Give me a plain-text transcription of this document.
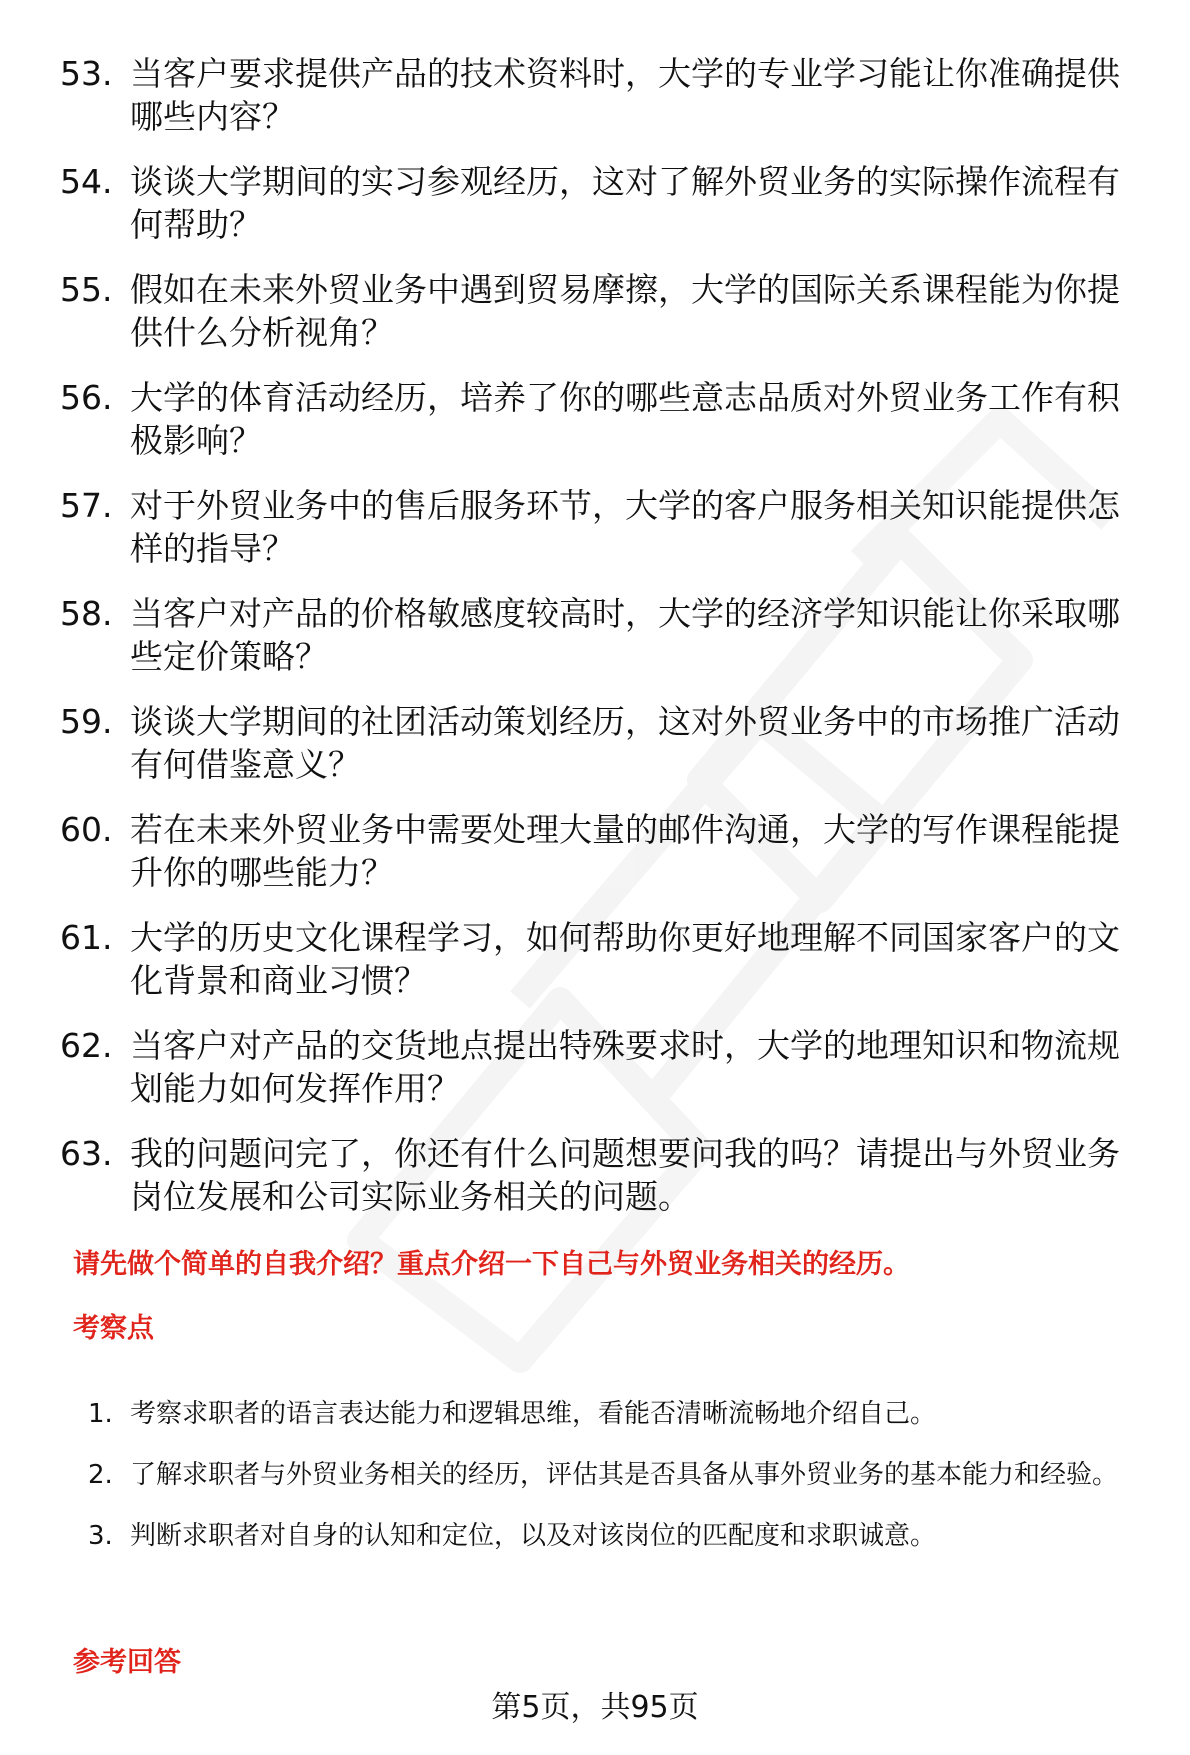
53. 当客户要求提供产品的技术资料时，大学的专业学习能让你准确提供哪些内容？
54. 谈谈大学期间的实习参观经历，这对了解外贸业务的实际操作流程有何帮助？
55. 假如在未来外贸业务中遇到贸易摩擦，大学的国际关系课程能为你提供什么分析视角？
56. 大学的体育活动经历，培养了你的哪些意志品质对外贸业务工作有积极影响？
57. 对于外贸业务中的售后服务环节，大学的客户服务相关知识能提供怎样的指导？
58. 当客户对产品的价格敏感度较高时，大学的经济学知识能让你采取哪些定价策略？
59. 谈谈大学期间的社团活动策划经历，这对外贸业务中的市场推广活动有何借鉴意义？
60. 若在未来外贸业务中需要处理大量的邮件沟通，大学的写作课程能提升你的哪些能力？
61. 大学的历史文化课程学习，如何帮助你更好地理解不同国家客户的文化背景和商业习惯？
62. 当客户对产品的交货地点提出特殊要求时，大学的地理知识和物流规划能力如何发挥作用？
63. 我的问题问完了，你还有什么问题想要问我的吗？请提出与外贸业务岗位发展和公司实际业务相关的问题。
请先做个简单的自我介绍？重点介绍一下自己与外贸业务相关的经历。
考察点
1. 考察求职者的语言表达能力和逻辑思维，看能否清晰流畅地介绍自己。
2. 了解求职者与外贸业务相关的经历，评估其是否具备从事外贸业务的基本能力和经验。
3. 判断求职者对自身的认知和定位，以及对该岗位的匹配度和求职诚意。
参考回答
第5页，共95页
